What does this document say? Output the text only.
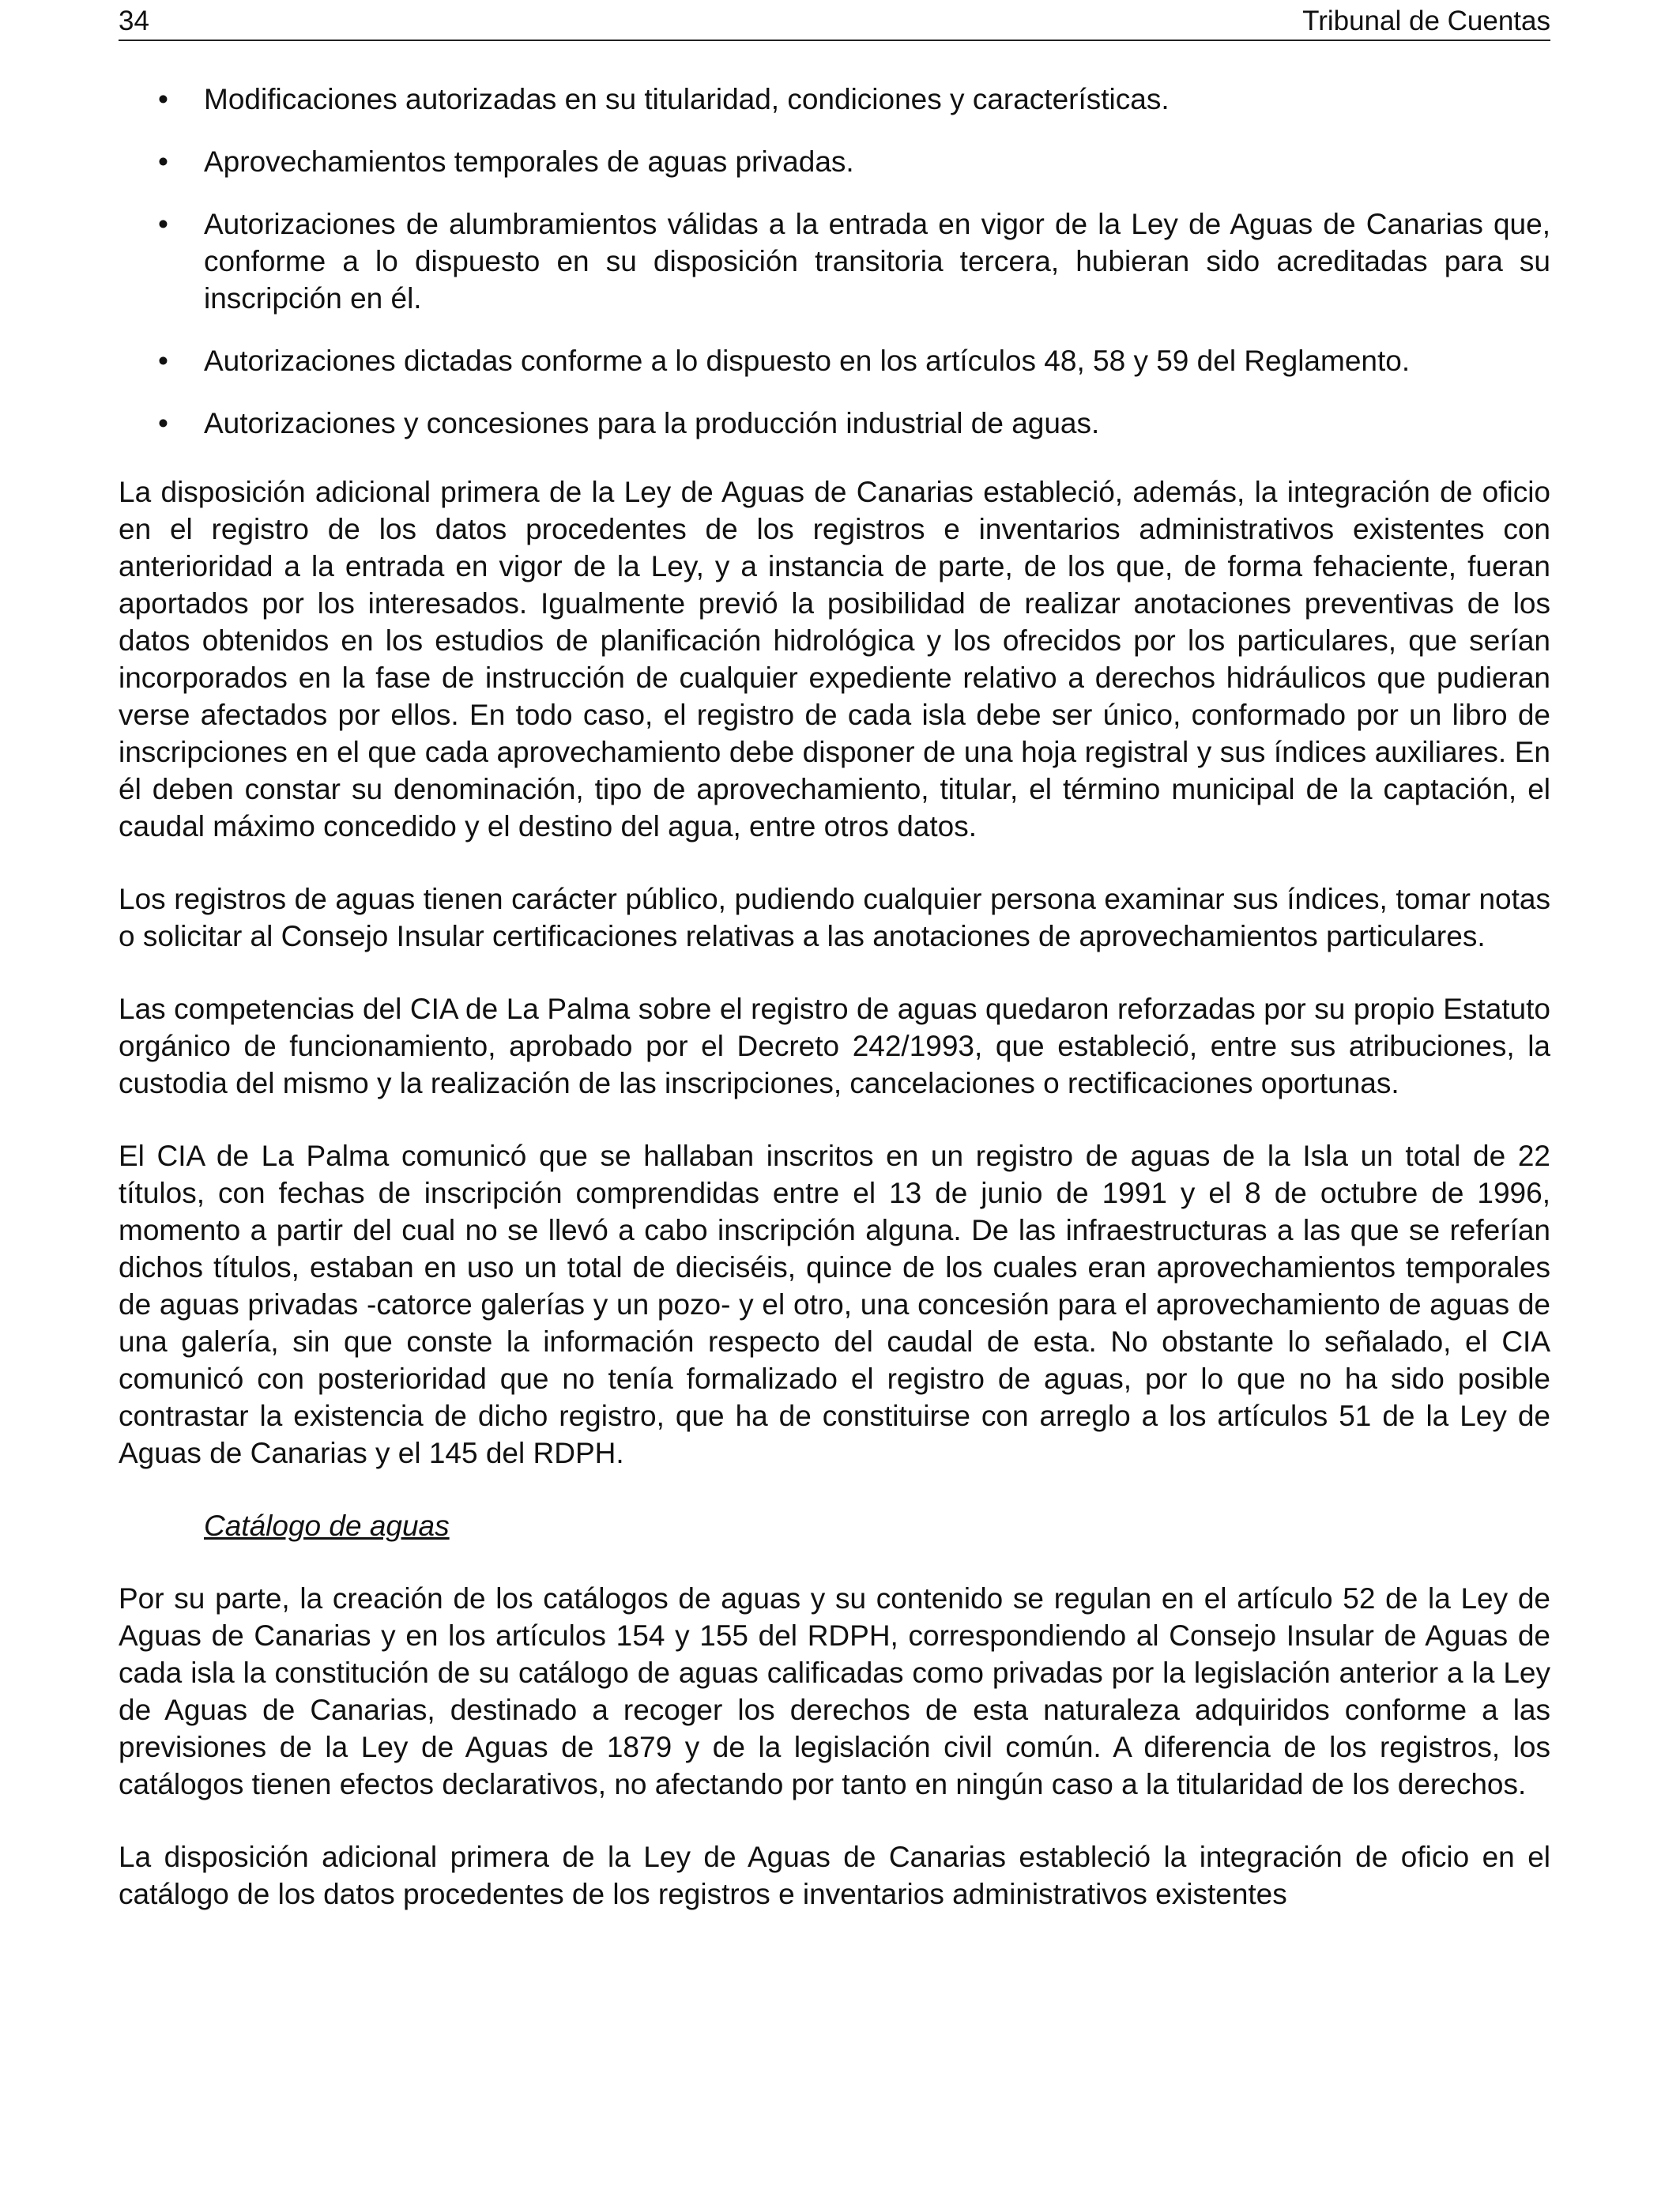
34	Tribunal de Cuentas
• Modificaciones autorizadas en su titularidad, condiciones y características.
• Aprovechamientos temporales de aguas privadas.
• Autorizaciones de alumbramientos válidas a la entrada en vigor de la Ley de Aguas de Canarias que, conforme a lo dispuesto en su disposición transitoria tercera, hubieran sido acreditadas para su inscripción en él.
• Autorizaciones dictadas conforme a lo dispuesto en los artículos 48, 58 y 59 del Reglamento.
• Autorizaciones y concesiones para la producción industrial de aguas.

La disposición adicional primera de la Ley de Aguas de Canarias estableció, además, la integración de oficio en el registro de los datos procedentes de los registros e inventarios administrativos existentes con anterioridad a la entrada en vigor de la Ley, y a instancia de parte, de los que, de forma fehaciente, fueran aportados por los interesados. Igualmente previó la posibilidad de realizar anotaciones preventivas de los datos obtenidos en los estudios de planificación hidrológica y los ofrecidos por los particulares, que serían incorporados en la fase de instrucción de cualquier expediente relativo a derechos hidráulicos que pudieran verse afectados por ellos. En todo caso, el registro de cada isla debe ser único, conformado por un libro de inscripciones en el que cada aprovechamiento debe disponer de una hoja registral y sus índices auxiliares. En él deben constar su denominación, tipo de aprovechamiento, titular, el término municipal de la captación, el caudal máximo concedido y el destino del agua, entre otros datos.

Los registros de aguas tienen carácter público, pudiendo cualquier persona examinar sus índices, tomar notas o solicitar al Consejo Insular certificaciones relativas a las anotaciones de aprovechamientos particulares.

Las competencias del CIA de La Palma sobre el registro de aguas quedaron reforzadas por su propio Estatuto orgánico de funcionamiento, aprobado por el Decreto 242/1993, que estableció, entre sus atribuciones, la custodia del mismo y la realización de las inscripciones, cancelaciones o rectificaciones oportunas.

El CIA de La Palma comunicó que se hallaban inscritos en un registro de aguas de la Isla un total de 22 títulos, con fechas de inscripción comprendidas entre el 13 de junio de 1991 y el 8 de octubre de 1996, momento a partir del cual no se llevó a cabo inscripción alguna. De las infraestructuras a las que se referían dichos títulos, estaban en uso un total de dieciséis, quince de los cuales eran aprovechamientos temporales de aguas privadas -catorce galerías y un pozo- y el otro, una concesión para el aprovechamiento de aguas de una galería, sin que conste la información respecto del caudal de esta. No obstante lo señalado, el CIA comunicó con posterioridad que no tenía formalizado el registro de aguas, por lo que no ha sido posible contrastar la existencia de dicho registro, que ha de constituirse con arreglo a los artículos 51 de la Ley de Aguas de Canarias y el 145 del RDPH.

Catálogo de aguas

Por su parte, la creación de los catálogos de aguas y su contenido se regulan en el artículo 52 de la Ley de Aguas de Canarias y en los artículos 154 y 155 del RDPH, correspondiendo al Consejo Insular de Aguas de cada isla la constitución de su catálogo de aguas calificadas como privadas por la legislación anterior a la Ley de Aguas de Canarias, destinado a recoger los derechos de esta naturaleza adquiridos conforme a las previsiones de la Ley de Aguas de 1879 y de la legislación civil común. A diferencia de los registros, los catálogos tienen efectos declarativos, no afectando por tanto en ningún caso a la titularidad de los derechos.

La disposición adicional primera de la Ley de Aguas de Canarias estableció la integración de oficio en el catálogo de los datos procedentes de los registros e inventarios administrativos existentes
